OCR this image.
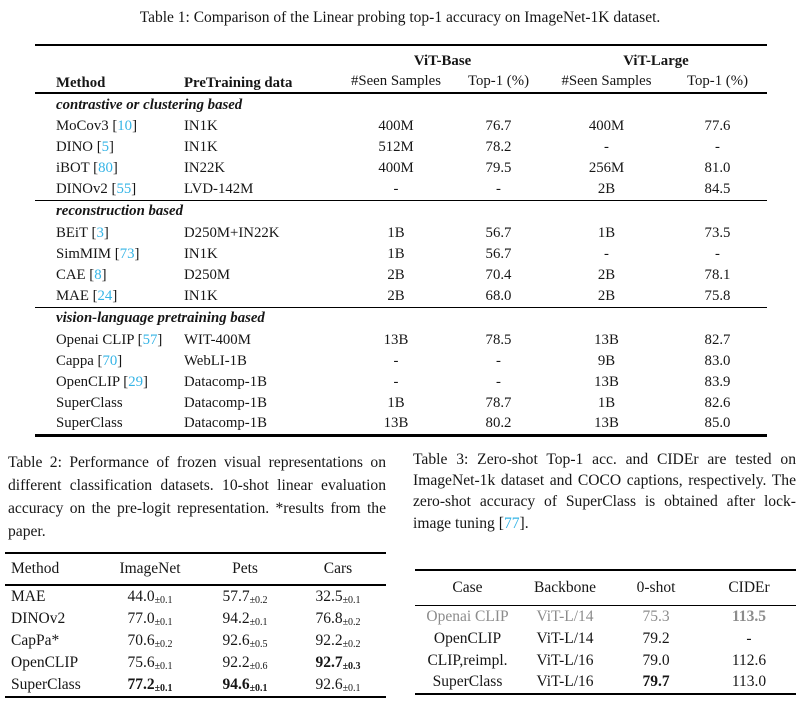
Table 1: Comparison of the Linear probing top-1 accuracy on ImageNet-1K dataset.
Method	PreTraining data	ViT-Base		ViT-Large	
		#Seen Samples	Top-1 (%)	#Seen Samples	Top-1 (%)
contrastive or clustering based					
MoCov3 [10]	IN1K	400M	76.7	400M	77.6
DINO [5]	IN1K	512M	78.2	-	-
iBOT [80]	IN22K	400M	79.5	256M	81.0
DINOv2 [55]	LVD-142M	-	-	2B	84.5
reconstruction based					
BEiT [3]	D250M+IN22K	1B	56.7	1B	73.5
SimMIM [73]	IN1K	1B	56.7	-	-
CAE [8]	D250M	2B	70.4	2B	78.1
MAE [24]	IN1K	2B	68.0	2B	75.8
vision-language pretraining based					
Openai CLIP [57]	WIT-400M	13B	78.5	13B	82.7
Cappa [70]	WebLI-1B	-	-	9B	83.0
OpenCLIP [29]	Datacomp-1B	-	-	13B	83.9
SuperClass	Datacomp-1B	1B	78.7	1B	82.6
SuperClass	Datacomp-1B	13B	80.2	13B	85.0
Table 2: Performance of frozen visual representations on different classification datasets. 10-shot linear evaluation accuracy on the pre-logit representation. *results from the paper.
Method	ImageNet	Pets	Cars
MAE	44.0±0.1	57.7±0.2	32.5±0.1
DINOv2	77.0±0.1	94.2±0.1	76.8±0.2
CapPa*	70.6±0.2	92.6±0.5	92.2±0.2
OpenCLIP	75.6±0.1	92.2±0.6	92.7±0.3
SuperClass	77.2±0.1	94.6±0.1	92.6±0.1
Table 3: Zero-shot Top-1 acc. and CIDEr are tested on ImageNet-1k dataset and COCO captions, respectively. The zero-shot accuracy of SuperClass is obtained after lock-image tuning [77].
Case	Backbone	0-shot	CIDEr
Openai CLIP	ViT-L/14	75.3	113.5
OpenCLIP	ViT-L/14	79.2	-
CLIP,reimpl.	ViT-L/16	79.0	112.6
SuperClass	ViT-L/16	79.7	113.0
